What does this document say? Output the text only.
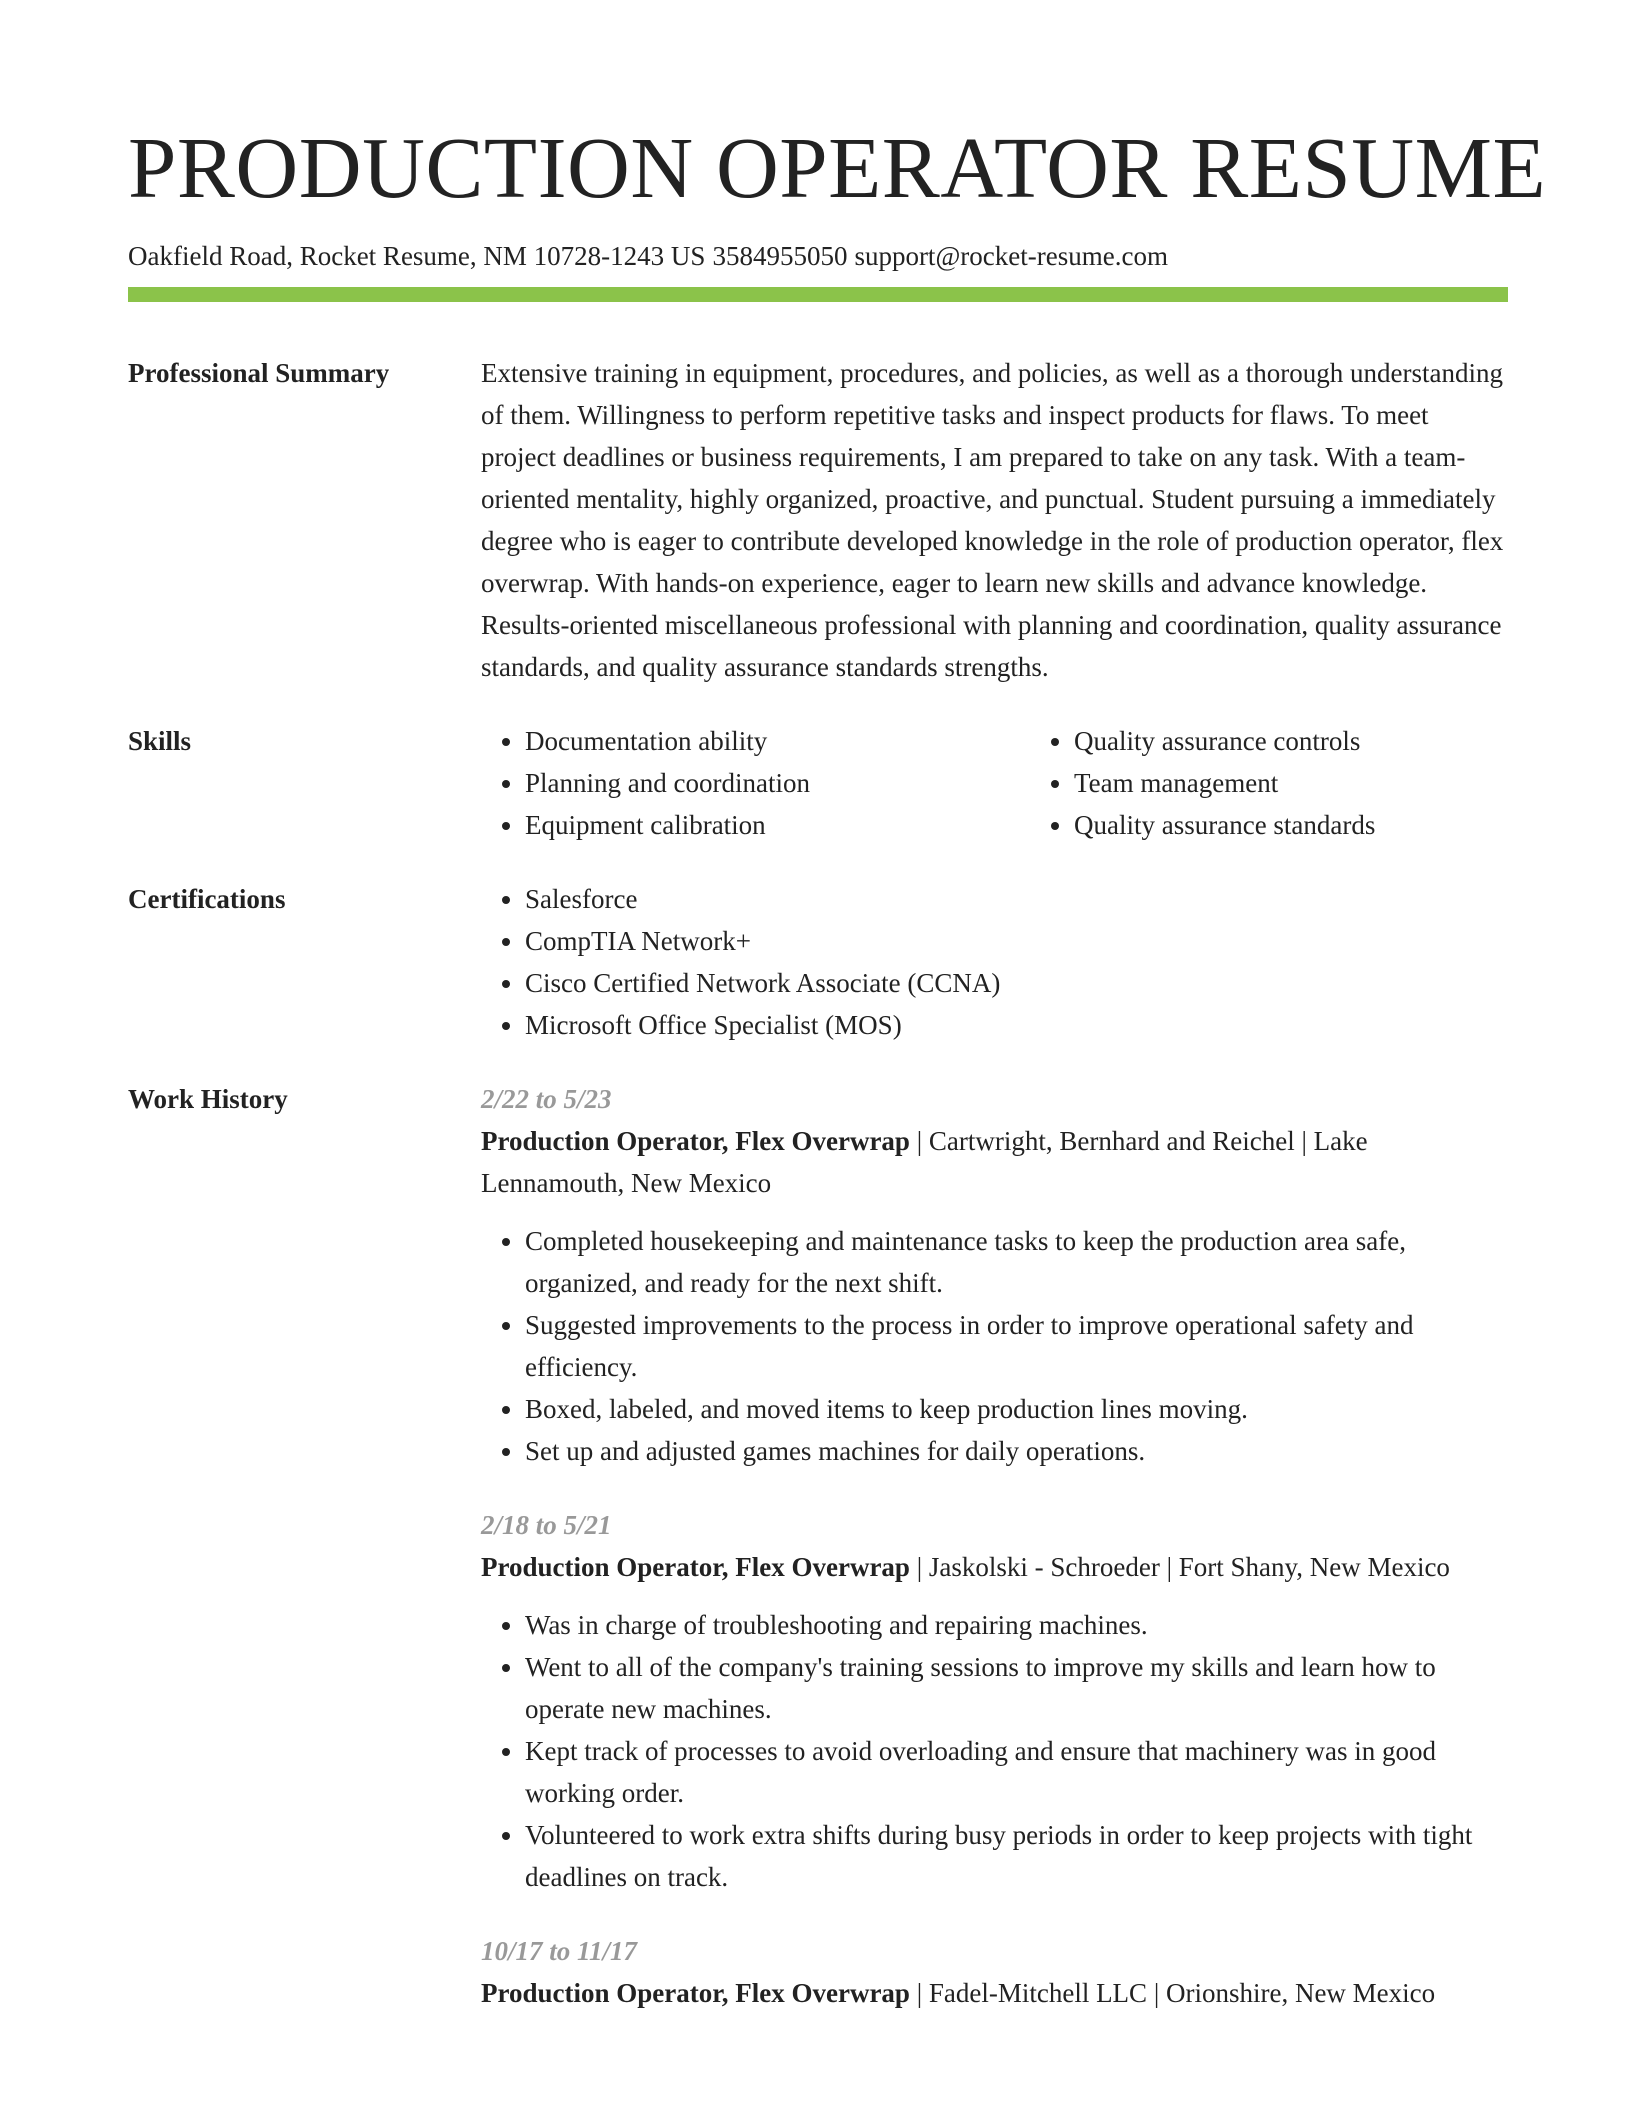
PRODUCTION OPERATOR RESUME
Oakfield Road, Rocket Resume, NM 10728-1243 US 3584955050 support@rocket-resume.com
Professional Summary	Extensive training in equipment, procedures, and policies, as well as a thorough understanding of them. Willingness to perform repetitive tasks and inspect products for flaws. To meet project deadlines or business requirements, I am prepared to take on any task. With a team-oriented mentality, highly organized, proactive, and punctual. Student pursuing a immediately degree who is eager to contribute developed knowledge in the role of production operator, flex overwrap. With hands-on experience, eager to learn new skills and advance knowledge. Results-oriented miscellaneous professional with planning and coordination, quality assurance standards, and quality assurance standards strengths.

Skills	• Documentation ability
• Planning and coordination
• Equipment calibration
• Quality assurance controls
• Team management
• Quality assurance standards
Certifications	• Salesforce
• CompTIA Network+
• Cisco Certified Network Associate (CCNA)
• Microsoft Office Specialist (MOS)
Work History	2/22 to 5/23
Production Operator, Flex Overwrap | Cartwright, Bernhard and Reichel | Lake Lennamouth, New Mexico
• Completed housekeeping and maintenance tasks to keep the production area safe, organized, and ready for the next shift.
• Suggested improvements to the process in order to improve operational safety and efficiency.
• Boxed, labeled, and moved items to keep production lines moving.
• Set up and adjusted games machines for daily operations.
2/18 to 5/21
Production Operator, Flex Overwrap | Jaskolski - Schroeder | Fort Shany, New Mexico
• Was in charge of troubleshooting and repairing machines.
• Went to all of the company's training sessions to improve my skills and learn how to operate new machines.
• Kept track of processes to avoid overloading and ensure that machinery was in good working order.
• Volunteered to work extra shifts during busy periods in order to keep projects with tight deadlines on track.
10/17 to 11/17
Production Operator, Flex Overwrap | Fadel-Mitchell LLC | Orionshire, New Mexico
